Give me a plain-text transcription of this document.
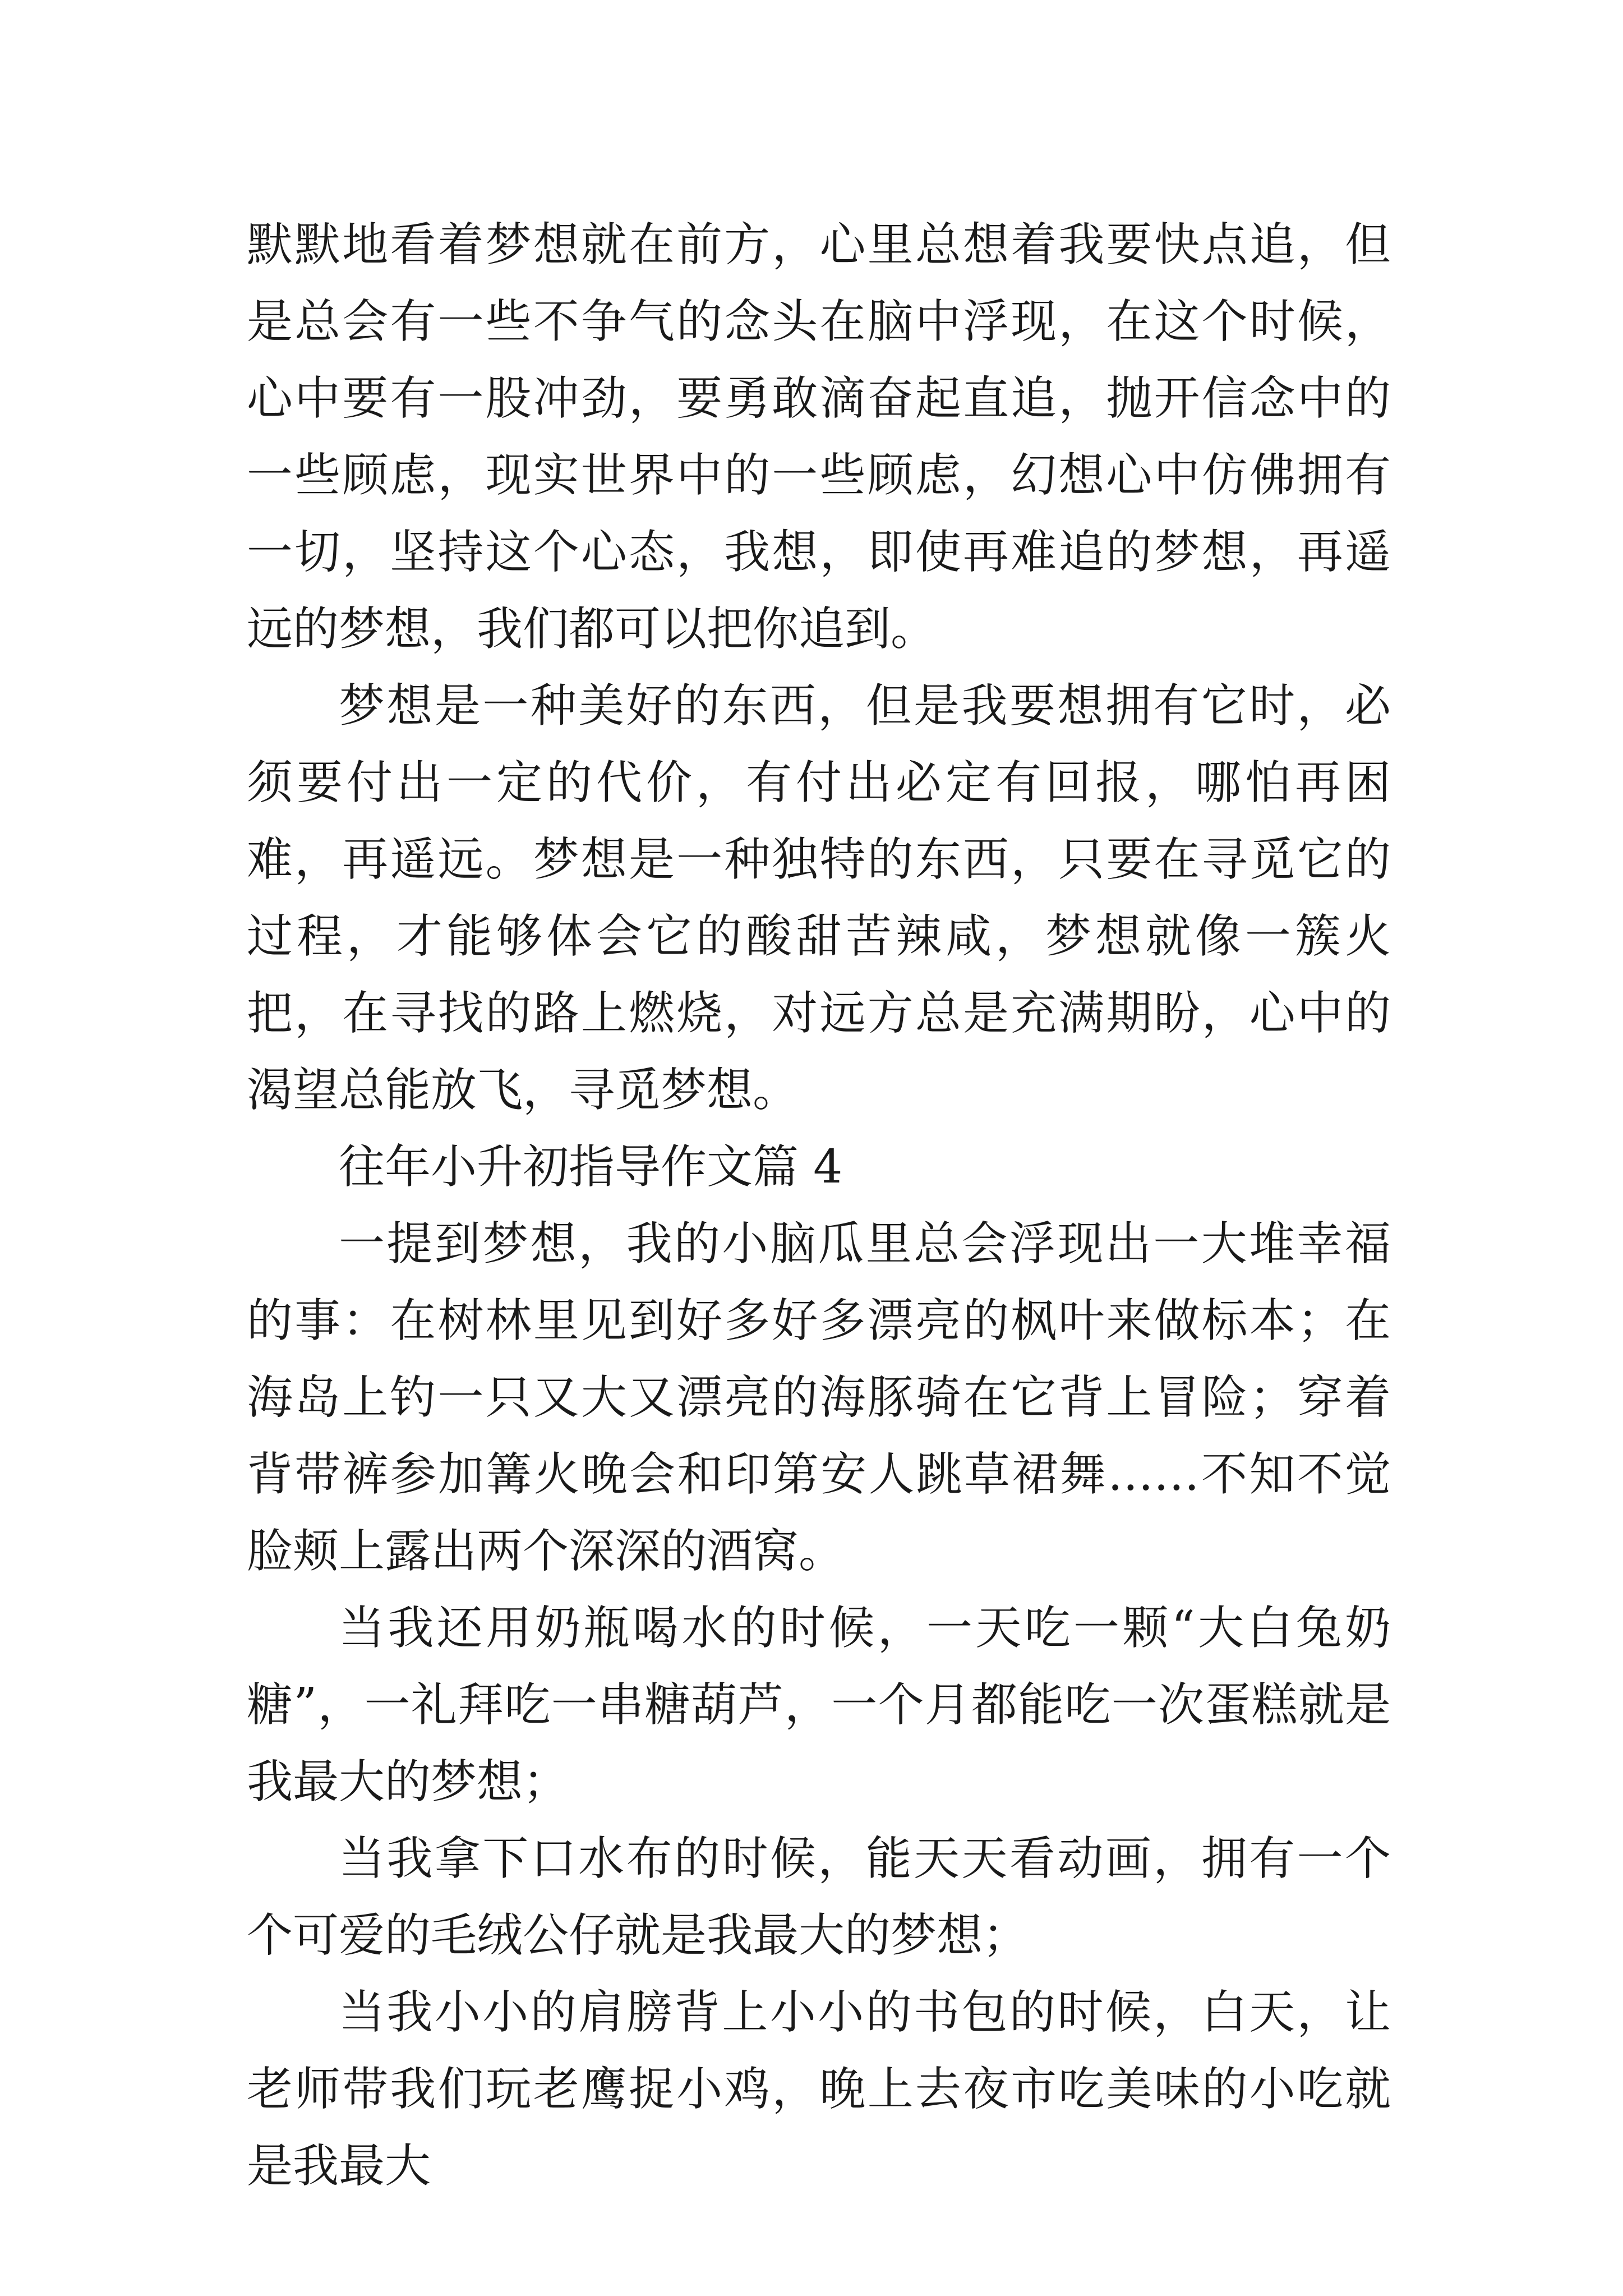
默默地看着梦想就在前方，心里总想着我要快点追，但是总会有一些不争气的念头在脑中浮现，在这个时候，心中要有一股冲劲，要勇敢滴奋起直追，抛开信念中的一些顾虑，现实世界中的一些顾虑，幻想心中仿佛拥有一切，坚持这个心态，我想，即使再难追的梦想，再遥远的梦想，我们都可以把你追到。

梦想是一种美好的东西，但是我要想拥有它时，必须要付出一定的代价，有付出必定有回报，哪怕再困难，再遥远。梦想是一种独特的东西，只要在寻觅它的过程，才能够体会它的酸甜苦辣咸，梦想就像一簇火把，在寻找的路上燃烧，对远方总是充满期盼，心中的渴望总能放飞，寻觅梦想。

往年小升初指导作文篇 4

一提到梦想，我的小脑瓜里总会浮现出一大堆幸福的事：在树林里见到好多好多漂亮的枫叶来做标本；在海岛上钓一只又大又漂亮的海豚骑在它背上冒险；穿着背带裤参加篝火晚会和印第安人跳草裙舞……不知不觉脸颊上露出两个深深的酒窝。

当我还用奶瓶喝水的时候，一天吃一颗“大白兔奶糖”，一礼拜吃一串糖葫芦，一个月都能吃一次蛋糕就是我最大的梦想；

当我拿下口水布的时候，能天天看动画，拥有一个个可爱的毛绒公仔就是我最大的梦想；

当我小小的肩膀背上小小的书包的时候，白天，让老师带我们玩老鹰捉小鸡，晚上去夜市吃美味的小吃就是我最大
